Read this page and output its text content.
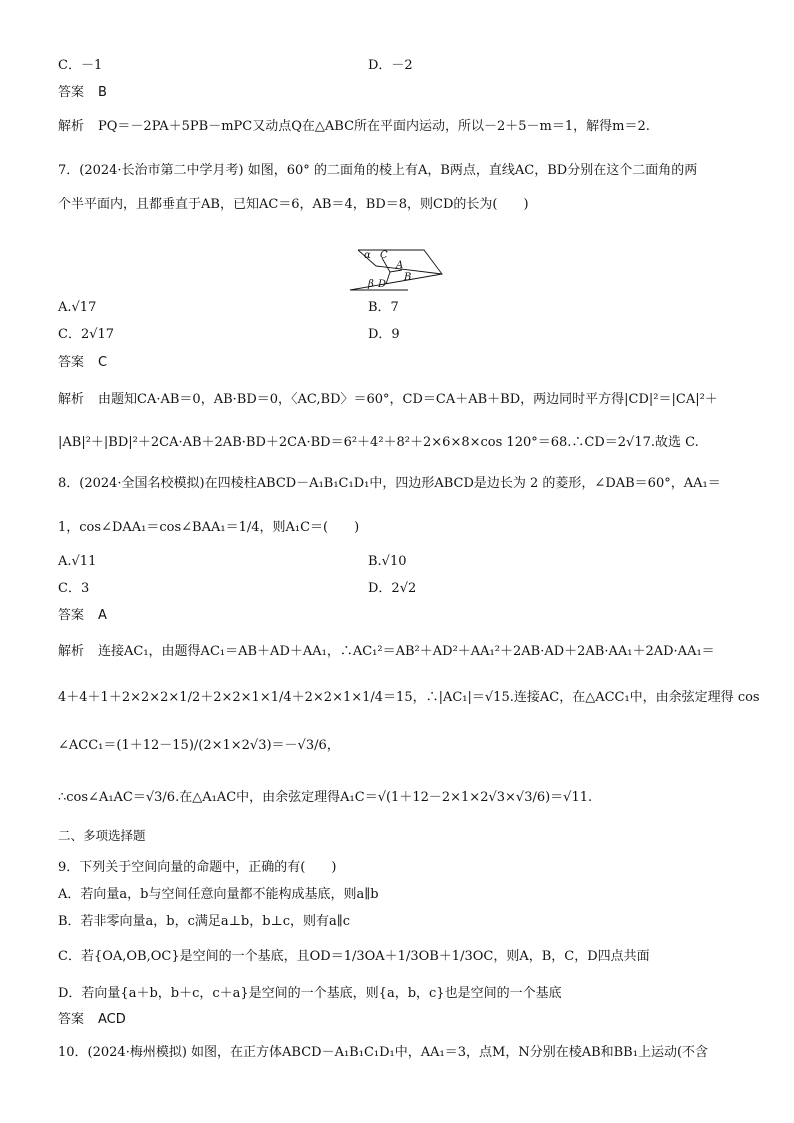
C．－1	D．－2
答案 B
解析 PQ＝－2PA＋5PB－mPC又动点Q在△ABC所在平面内运动，所以－2＋5－m＝1，解得m＝2.
7．(2024·长治市第二中学月考) 如图，60° 的二面角的棱上有A，B两点，直线AC，BD分别在这个二面角的两
个半平面内，且都垂直于AB，已知AC＝6，AB＝4，BD＝8，则CD的长为(　　)
α C
A
β D
B
A.√17	B．7
C．2√17	D．9
答案 C
解析 由题知CA·AB＝0，AB·BD＝0，〈AC,BD〉＝60°，CD＝CA＋AB＋BD，两边同时平方得|CD|²＝|CA|²＋
|AB|²＋|BD|²＋2CA·AB＋2AB·BD＋2CA·BD＝6²＋4²＋8²＋2×6×8×cos 120°＝68.∴CD＝2√17.故选 C.
8．(2024·全国名校模拟)在四棱柱ABCD－A₁B₁C₁D₁中，四边形ABCD是边长为 2 的菱形，∠DAB＝60°，AA₁＝
1，cos∠DAA₁＝cos∠BAA₁＝1/4，则A₁C＝(　　)
A.√11	B.√10
C．3	D．2√2
答案 A
解析 连接AC₁，由题得AC₁＝AB＋AD＋AA₁，∴AC₁²＝AB²＋AD²＋AA₁²＋2AB·AD＋2AB·AA₁＋2AD·AA₁＝
4＋4＋1＋2×2×2×1/2＋2×2×1×1/4＋2×2×1×1/4＝15，∴|AC₁|＝√15.连接AC，在△ACC₁中，由余弦定理得 cos
∠ACC₁＝(1＋12－15)/(2×1×2√3)＝－√3/6，
∴cos∠A₁AC＝√3/6.在△A₁AC中，由余弦定理得A₁C＝√(1＋12－2×1×2√3×√3/6)＝√11.
二、多项选择题
9．下列关于空间向量的命题中，正确的有(　　)
A．若向量a，b与空间任意向量都不能构成基底，则a∥b
B．若非零向量a，b，c满足a⊥b，b⊥c，则有a∥c
C．若{OA,OB,OC}是空间的一个基底，且OD＝1/3OA＋1/3OB＋1/3OC，则A，B，C，D四点共面
D．若向量{a＋b，b＋c，c＋a}是空间的一个基底，则{a，b，c}也是空间的一个基底
答案 ACD
10．(2024·梅州模拟) 如图，在正方体ABCD－A₁B₁C₁D₁中，AA₁＝3，点M，N分别在棱AB和BB₁上运动(不含
